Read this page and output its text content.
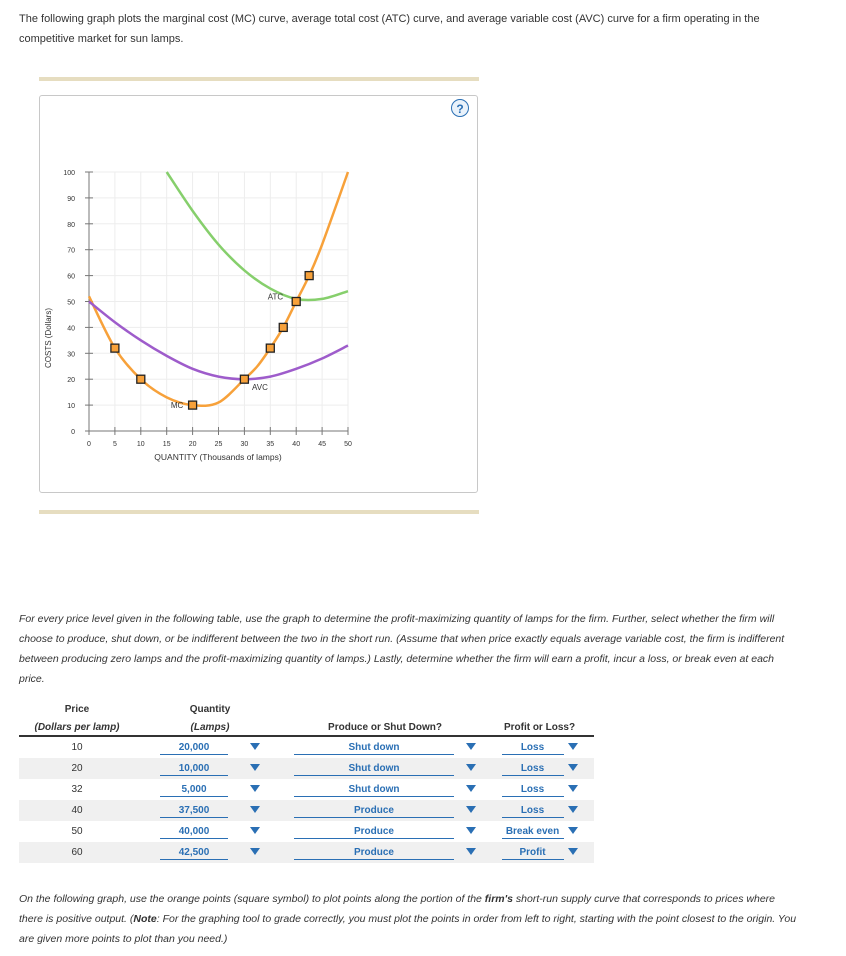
The following graph plots the marginal cost (MC) curve, average total cost (ATC) curve, and average variable cost (AVC) curve for a firm operating in the competitive market for sun lamps.
?
0
10
20
30
40
50
60
70
80
90
100
0	5	10	15	20	25	30	35	40	45	50
MC
ATC
AVC
QUANTITY (Thousands of lamps)
COSTS (Dollars)
For every price level given in the following table, use the graph to determine the profit-maximizing quantity of lamps for the firm. Further, select whether the firm will choose to produce, shut down, or be indifferent between the two in the short run. (Assume that when price exactly equals average variable cost, the firm is indifferent between producing zero lamps and the profit-maximizing quantity of lamps.) Lastly, determine whether the firm will earn a profit, incur a loss, or break even at each price.
Price	Quantity		
(Dollars per lamp)	(Lamps)	Produce or Shut Down?	Profit or Loss?
10	20,000	Shut down	Loss
20	10,000	Shut down	Loss
32	5,000	Shut down	Loss
40	37,500	Produce	Loss
50	40,000	Produce	Break even
60	42,500	Produce	Profit
On the following graph, use the orange points (square symbol) to plot points along the portion of the firm's short-run supply curve that corresponds to prices where there is positive output. (Note: For the graphing tool to grade correctly, you must plot the points in order from left to right, starting with the point closest to the origin. You are given more points to plot than you need.)
